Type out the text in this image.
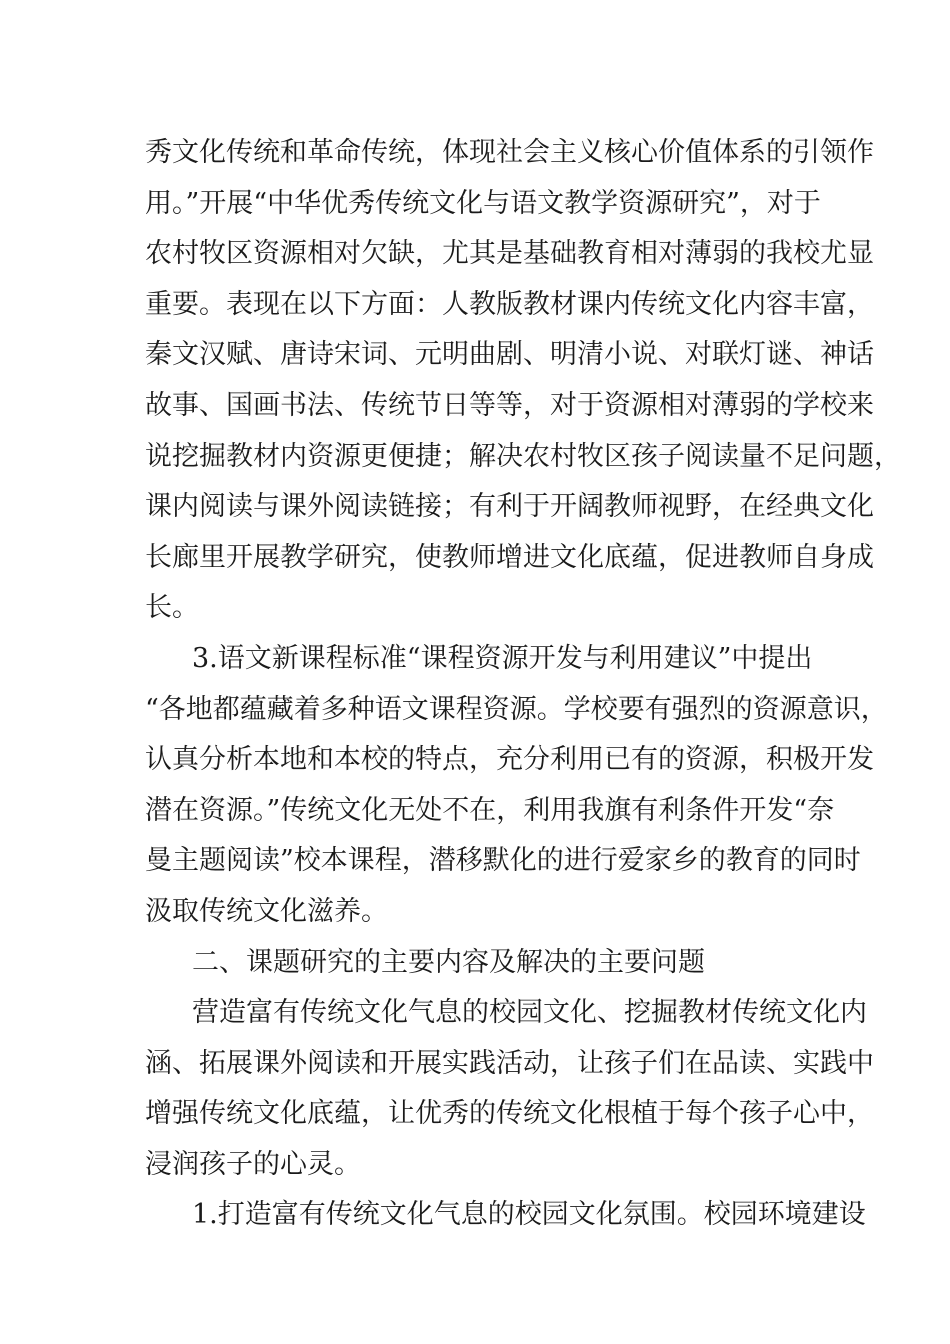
秀文化传统和革命传统，体现社会主义核心价值体系的引领作
用。”开展“中华优秀传统文化与语文教学资源研究”，对于
农村牧区资源相对欠缺，尤其是基础教育相对薄弱的我校尤显
重要。表现在以下方面：人教版教材课内传统文化内容丰富，
秦文汉赋、唐诗宋词、元明曲剧、明清小说、对联灯谜、神话
故事、国画书法、传统节日等等，对于资源相对薄弱的学校来
说挖掘教材内资源更便捷；解决农村牧区孩子阅读量不足问题，
课内阅读与课外阅读链接；有利于开阔教师视野，在经典文化
长廊里开展教学研究，使教师增进文化底蕴，促进教师自身成
长。
3.语文新课程标准“课程资源开发与利用建议”中提出
“各地都蕴藏着多种语文课程资源。学校要有强烈的资源意识，
认真分析本地和本校的特点，充分利用已有的资源，积极开发
潜在资源。”传统文化无处不在，利用我旗有利条件开发“奈
曼主题阅读”校本课程，潜移默化的进行爱家乡的教育的同时
汲取传统文化滋养。
二、课题研究的主要内容及解决的主要问题
营造富有传统文化气息的校园文化、挖掘教材传统文化内
涵、拓展课外阅读和开展实践活动，让孩子们在品读、实践中
增强传统文化底蕴，让优秀的传统文化根植于每个孩子心中，
浸润孩子的心灵。
1.打造富有传统文化气息的校园文化氛围。校园环境建设
